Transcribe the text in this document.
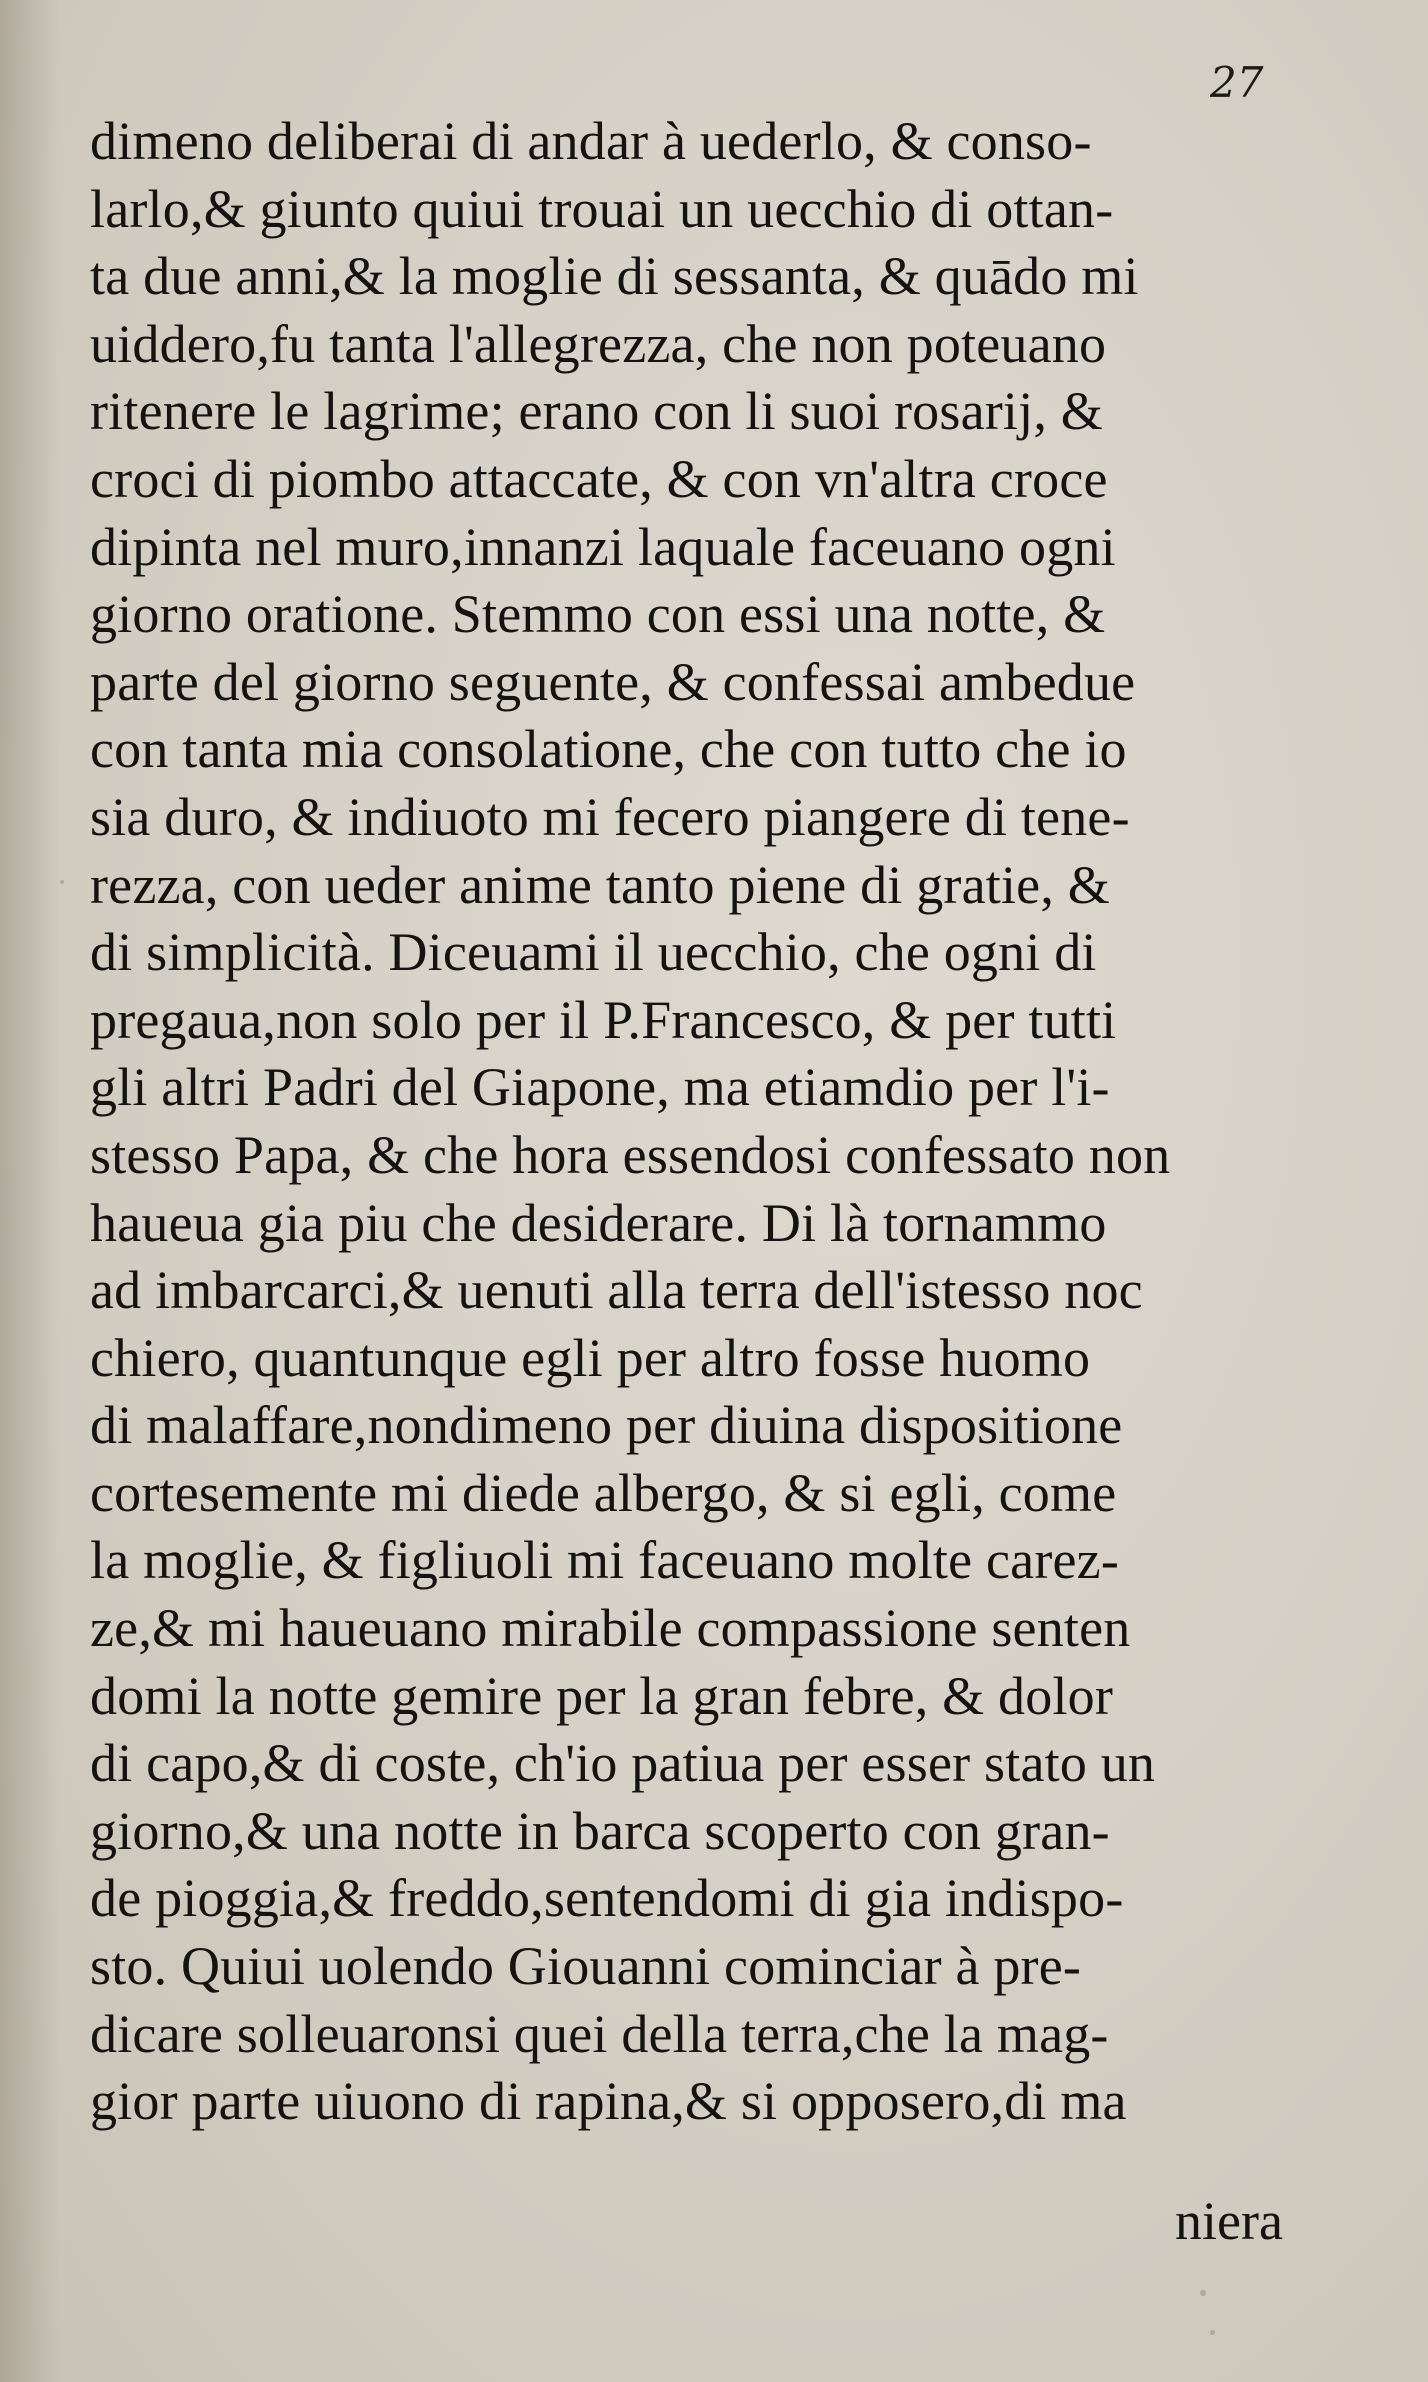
27
dimeno deliberai di andar à uederlo, & conso-
larlo,& giunto quiui trouai un uecchio di ottan-
ta due anni,& la moglie di sessanta, & quādo mi
uiddero,fu tanta l'allegrezza, che non poteuano
ritenere le lagrime; erano con li suoi rosarij, &
croci di piombo attaccate, & con vn'altra croce
dipinta nel muro,innanzi laquale faceuano ogni
giorno oratione. Stemmo con essi una notte, &
parte del giorno seguente, & confessai ambedue
con tanta mia consolatione, che con tutto che io
sia duro, & indiuoto mi fecero piangere di tene-
rezza, con ueder anime tanto piene di gratie, &
di simplicità. Diceuami il uecchio, che ogni di
pregaua,non solo per il P.Francesco, & per tutti
gli altri Padri del Giapone, ma etiamdio per l'i-
stesso Papa, & che hora essendosi confessato non
haueua gia piu che desiderare. Di là tornammo
ad imbarcarci,& uenuti alla terra dell'istesso noc
chiero, quantunque egli per altro fosse huomo
di malaffare,nondimeno per diuina dispositione
cortesemente mi diede albergo, & si egli, come
la moglie, & figliuoli mi faceuano molte carez-
ze,& mi haueuano mirabile compassione senten
domi la notte gemire per la gran febre, & dolor
di capo,& di coste, ch'io patiua per esser stato un
giorno,& una notte in barca scoperto con gran-
de pioggia,& freddo,sentendomi di gia indispo-
sto. Quiui uolendo Giouanni cominciar à pre-
dicare solleuaronsi quei della terra,che la mag-
gior parte uiuono di rapina,& si opposero,di ma
niera
